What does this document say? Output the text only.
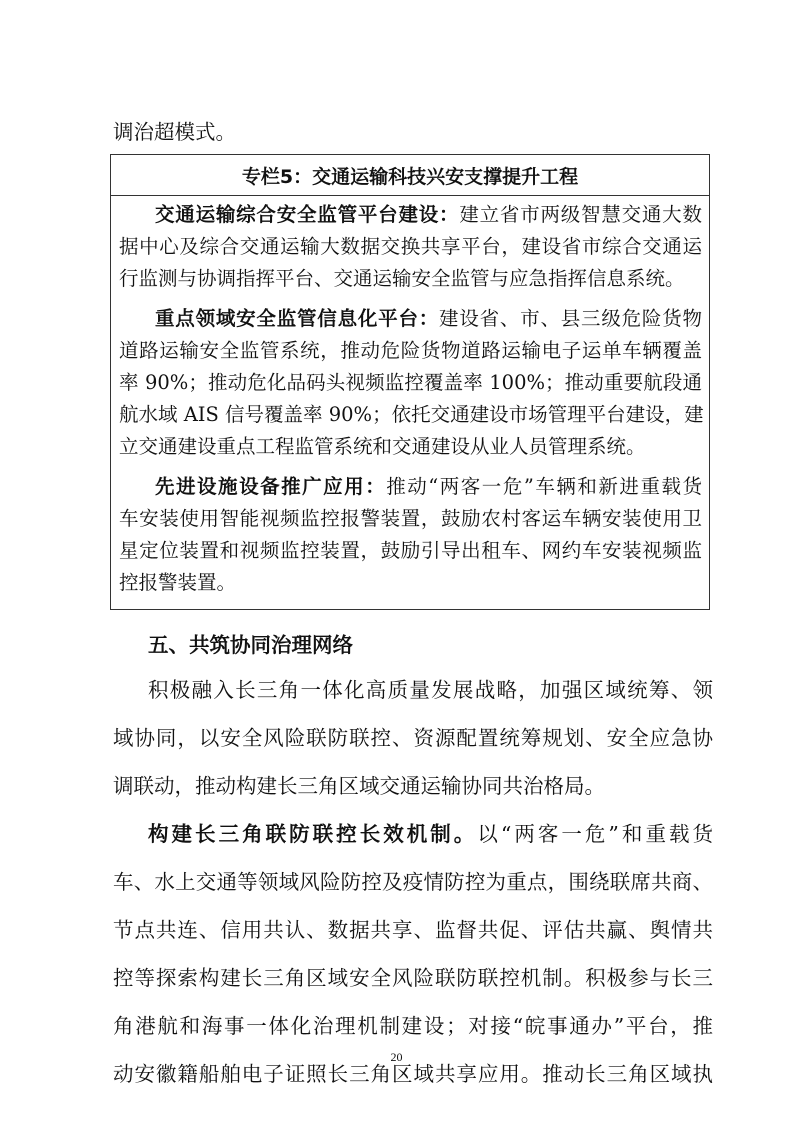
调治超模式。
专栏5：交通运输科技兴安支撑提升工程
交通运输综合安全监管平台建设：建立省市两级智慧交通大数
据中心及综合交通运输大数据交换共享平台，建设省市综合交通运
行监测与协调指挥平台、交通运输安全监管与应急指挥信息系统。
重点领域安全监管信息化平台：建设省、市、县三级危险货物
道路运输安全监管系统，推动危险货物道路运输电子运单车辆覆盖
率 90%；推动危化品码头视频监控覆盖率 100%；推动重要航段通
航水域 AIS 信号覆盖率 90%；依托交通建设市场管理平台建设，建
立交通建设重点工程监管系统和交通建设从业人员管理系统。
先进设施设备推广应用：推动“两客一危”车辆和新进重载货
车安装使用智能视频监控报警装置，鼓励农村客运车辆安装使用卫
星定位装置和视频监控装置，鼓励引导出租车、网约车安装视频监
控报警装置。
五、共筑协同治理网络
积极融入长三角一体化高质量发展战略，加强区域统筹、领
域协同，以安全风险联防联控、资源配置统筹规划、安全应急协
调联动，推动构建长三角区域交通运输协同共治格局。
构建长三角联防联控长效机制。以“两客一危”和重载货
车、水上交通等领域风险防控及疫情防控为重点，围绕联席共商、
节点共连、信用共认、数据共享、监督共促、评估共赢、舆情共
控等探索构建长三角区域安全风险联防联控机制。积极参与长三
角港航和海事一体化治理机制建设；对接“皖事通办”平台，推
动安徽籍船舶电子证照长三角区域共享应用。推动长三角区域执
20
